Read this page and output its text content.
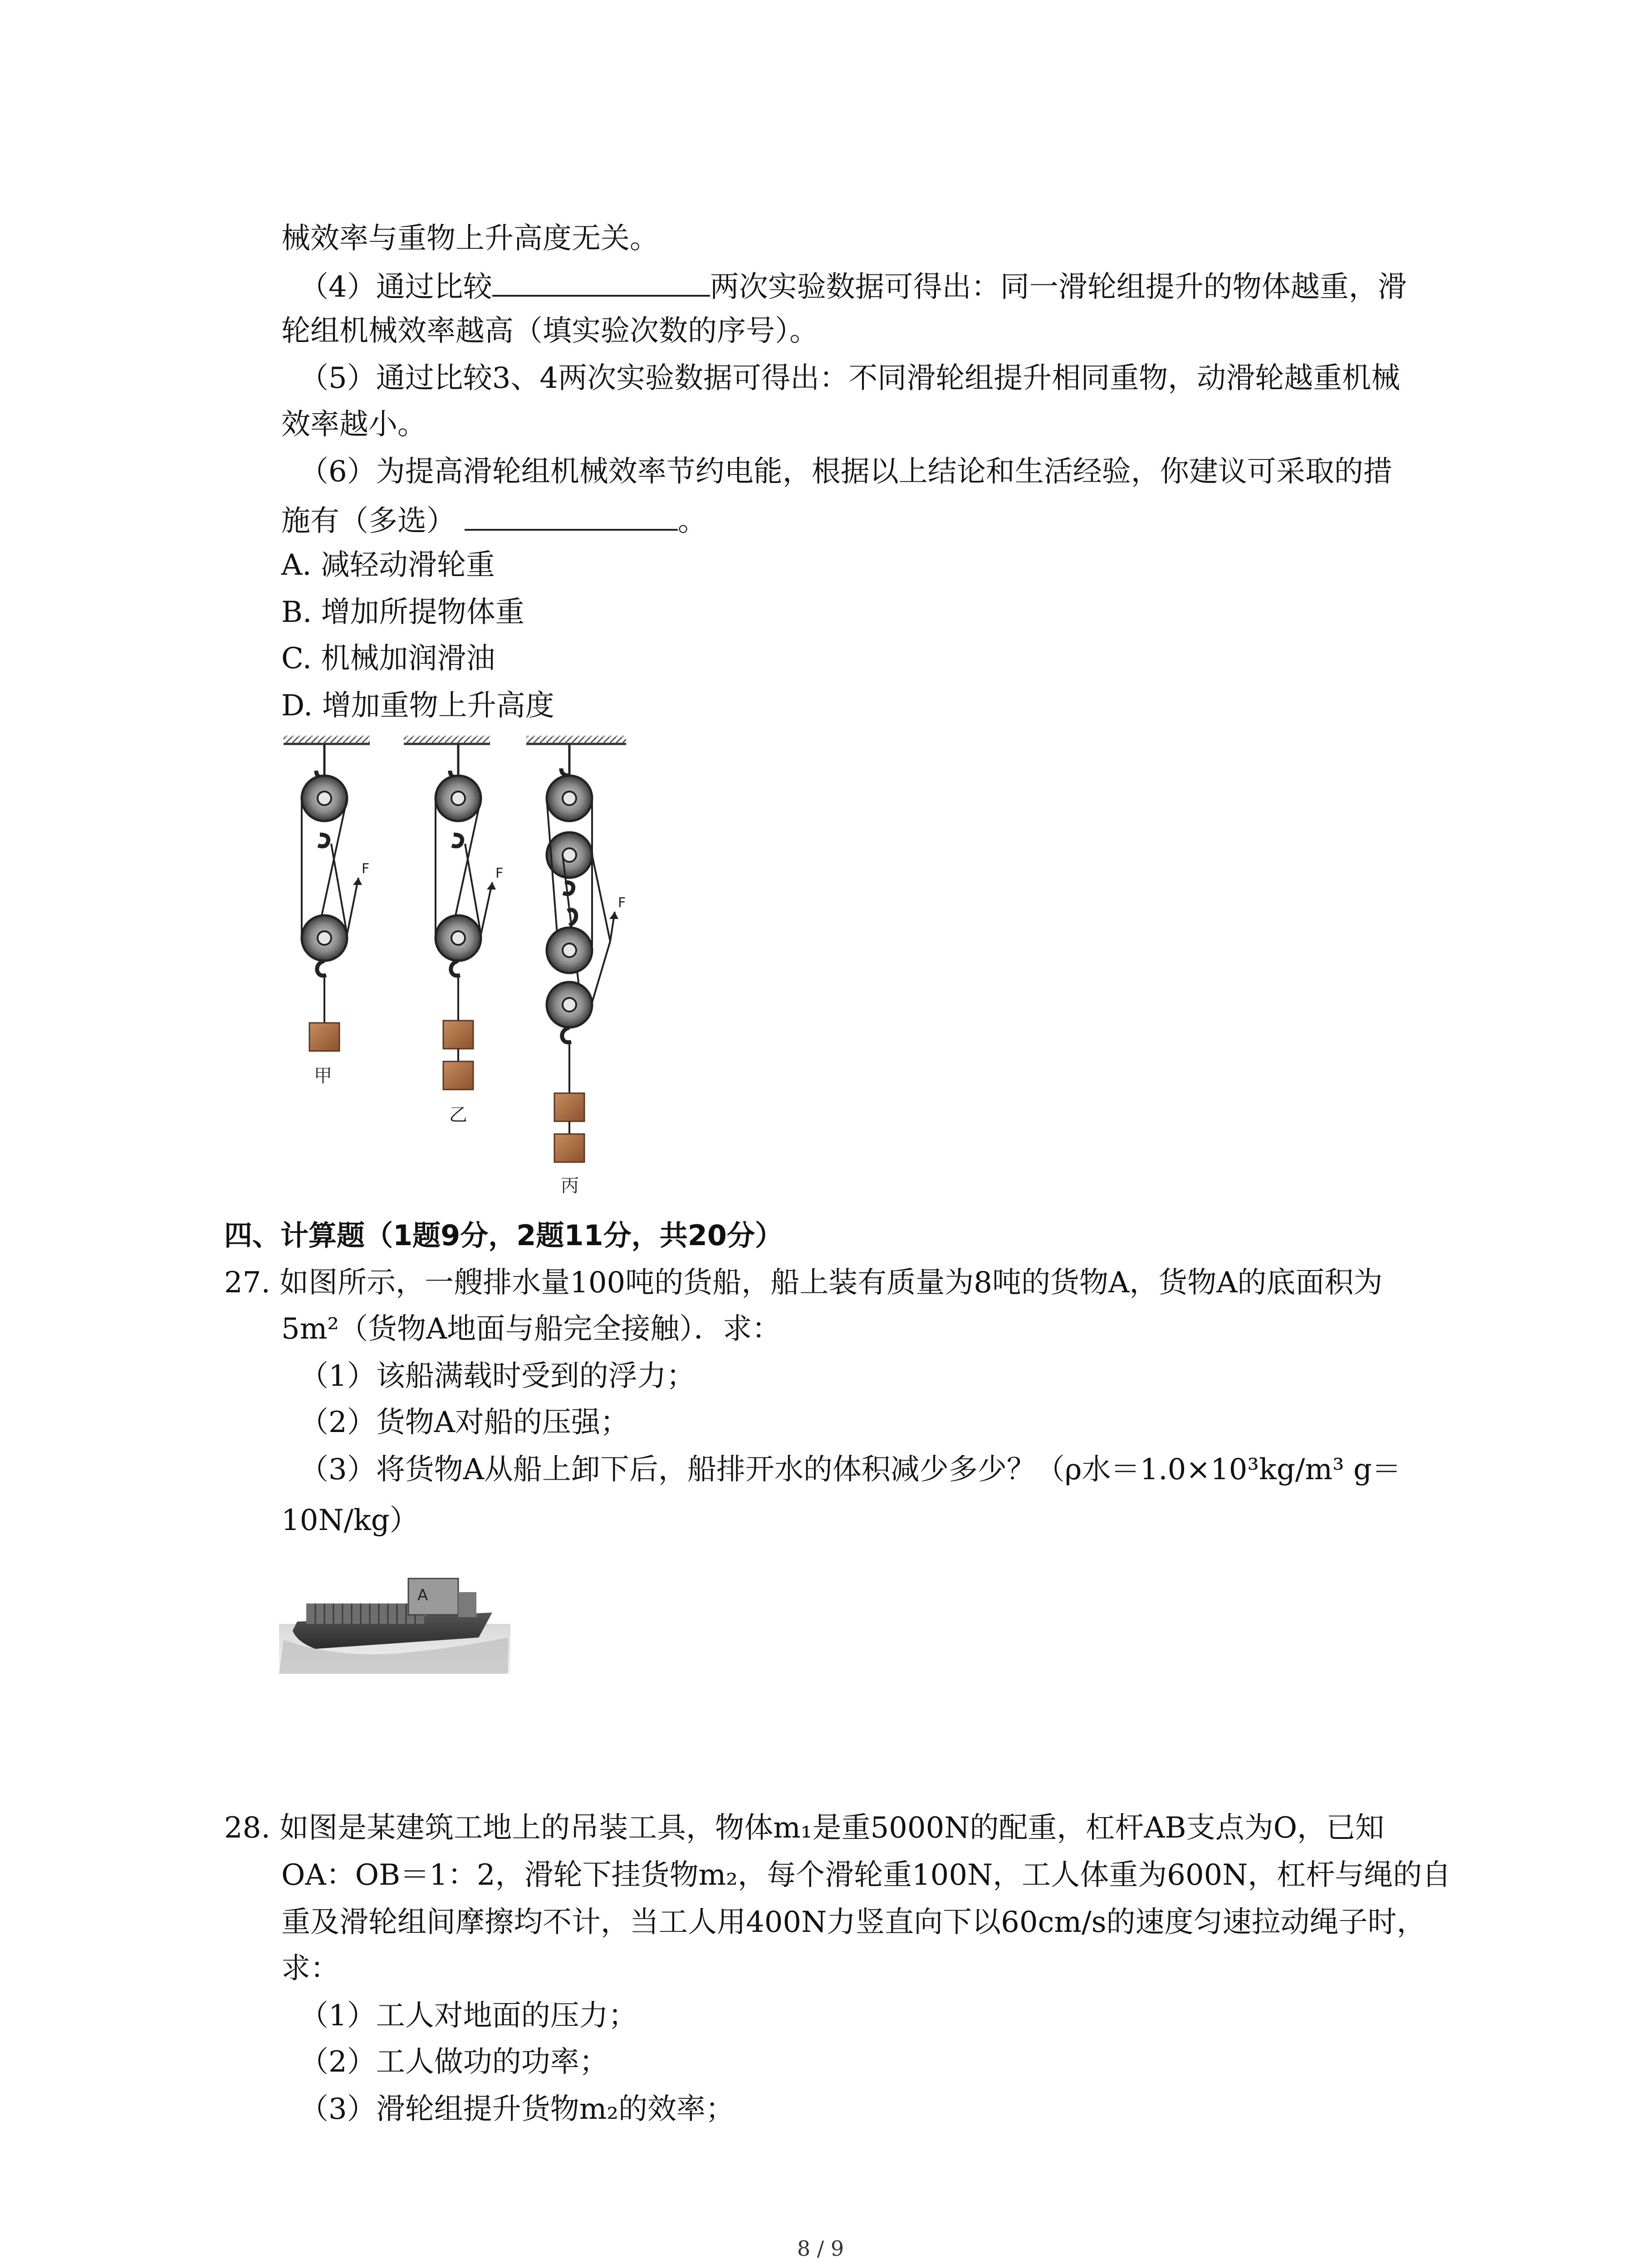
械效率与重物上升高度无关。
（4）通过比较	两次实验数据可得出：同一滑轮组提升的物体越重，滑
轮组机械效率越高（填实验次数的序号）。
（5）通过比较3、4两次实验数据可得出：不同滑轮组提升相同重物，动滑轮越重机械
效率越小。
（6）为提高滑轮组机械效率节约电能，根据以上结论和生活经验，你建议可采取的措
施有（多选）	。
A. 减轻动滑轮重
B. 增加所提物体重
C. 机械加润滑油
D. 增加重物上升高度
F	F
F
甲
乙
丙
四、计算题（1题9分，2题11分，共20分）
27. 如图所示，一艘排水量100吨的货船，船上装有质量为8吨的货物A，货物A的底面积为
5m²（货物A地面与船完全接触）．求：
（1）该船满载时受到的浮力；
（2）货物A对船的压强；
（3）将货物A从船上卸下后，船排开水的体积减少多少？（ρ水＝1.0×10³kg/m³ g＝
10N/kg）
A
28. 如图是某建筑工地上的吊装工具，物体m₁是重5000N的配重，杠杆AB支点为O，已知
OA：OB＝1：2，滑轮下挂货物m₂，每个滑轮重100N，工人体重为600N，杠杆与绳的自
重及滑轮组间摩擦均不计，当工人用400N力竖直向下以60cm/s的速度匀速拉动绳子时，
求：
（1）工人对地面的压力；
（2）工人做功的功率；
（3）滑轮组提升货物m₂的效率；
8 / 9
